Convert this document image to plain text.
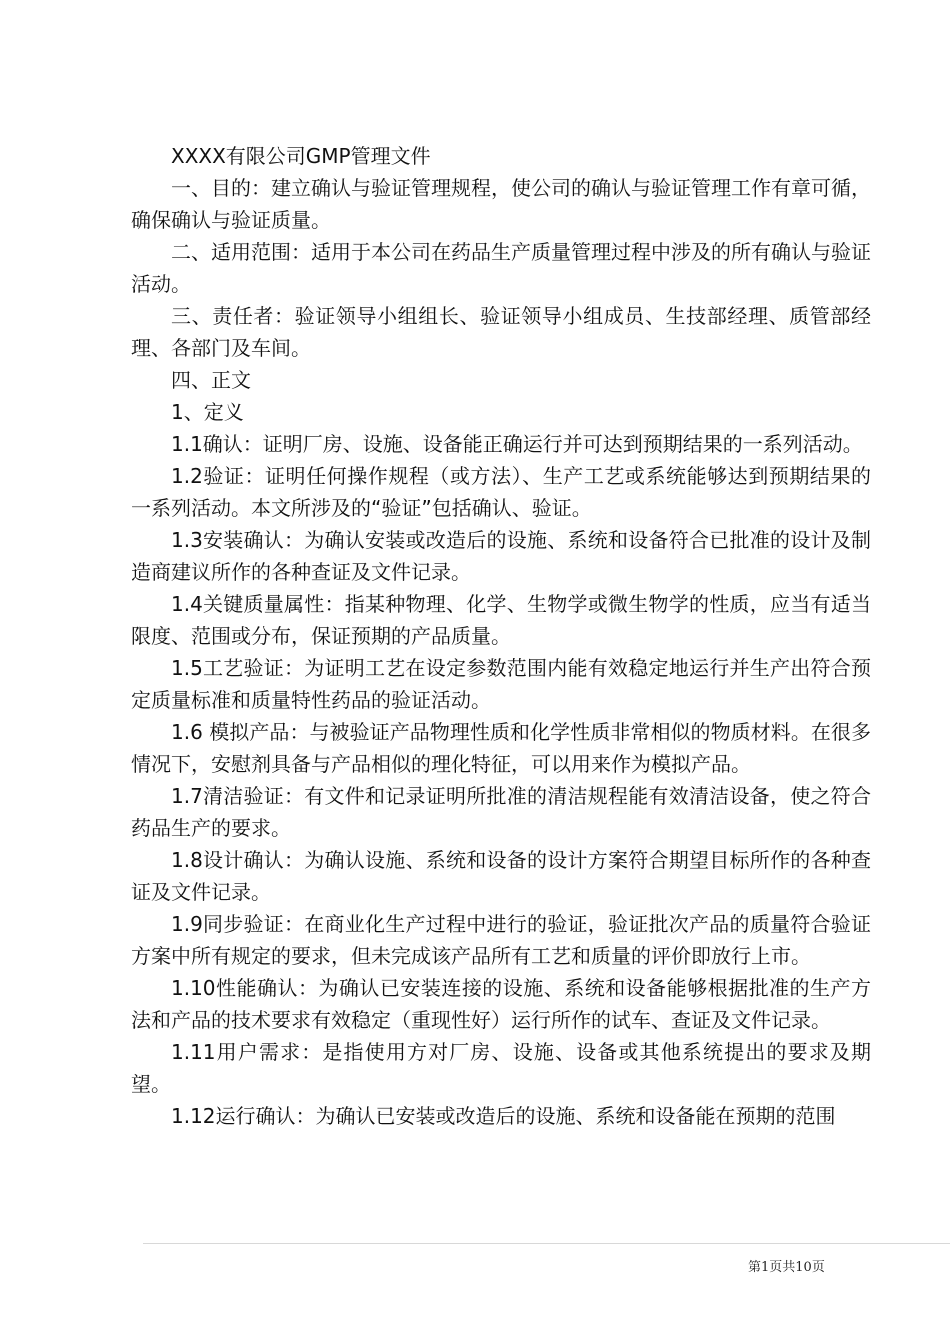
XXXX有限公司GMP管理文件

一、目的：建立确认与验证管理规程，使公司的确认与验证管理工作有章可循，确保确认与验证质量。

二、适用范围：适用于本公司在药品生产质量管理过程中涉及的所有确认与验证活动。

三、责任者：验证领导小组组长、验证领导小组成员、生技部经理、质管部经理、各部门及车间。

四、正文

1、定义

1.1确认：证明厂房、设施、设备能正确运行并可达到预期结果的一系列活动。

1.2验证：证明任何操作规程（或方法）、生产工艺或系统能够达到预期结果的一系列活动。本文所涉及的“验证”包括确认、验证。

1.3安装确认：为确认安装或改造后的设施、系统和设备符合已批准的设计及制造商建议所作的各种查证及文件记录。

1.4关键质量属性：指某种物理、化学、生物学或微生物学的性质，应当有适当限度、范围或分布，保证预期的产品质量。

1.5工艺验证：为证明工艺在设定参数范围内能有效稳定地运行并生产出符合预定质量标准和质量特性药品的验证活动。

1.6 模拟产品：与被验证产品物理性质和化学性质非常相似的物质材料。在很多情况下，安慰剂具备与产品相似的理化特征，可以用来作为模拟产品。

1.7清洁验证：有文件和记录证明所批准的清洁规程能有效清洁设备，使之符合药品生产的要求。

1.8设计确认：为确认设施、系统和设备的设计方案符合期望目标所作的各种查证及文件记录。

1.9同步验证：在商业化生产过程中进行的验证，验证批次产品的质量符合验证方案中所有规定的要求，但未完成该产品所有工艺和质量的评价即放行上市。

1.10性能确认：为确认已安装连接的设施、系统和设备能够根据批准的生产方法和产品的技术要求有效稳定（重现性好）运行所作的试车、查证及文件记录。

1.11用户需求：是指使用方对厂房、设施、设备或其他系统提出的要求及期望。

1.12运行确认：为确认已安装或改造后的设施、系统和设备能在预期的范围

第1页共10页
